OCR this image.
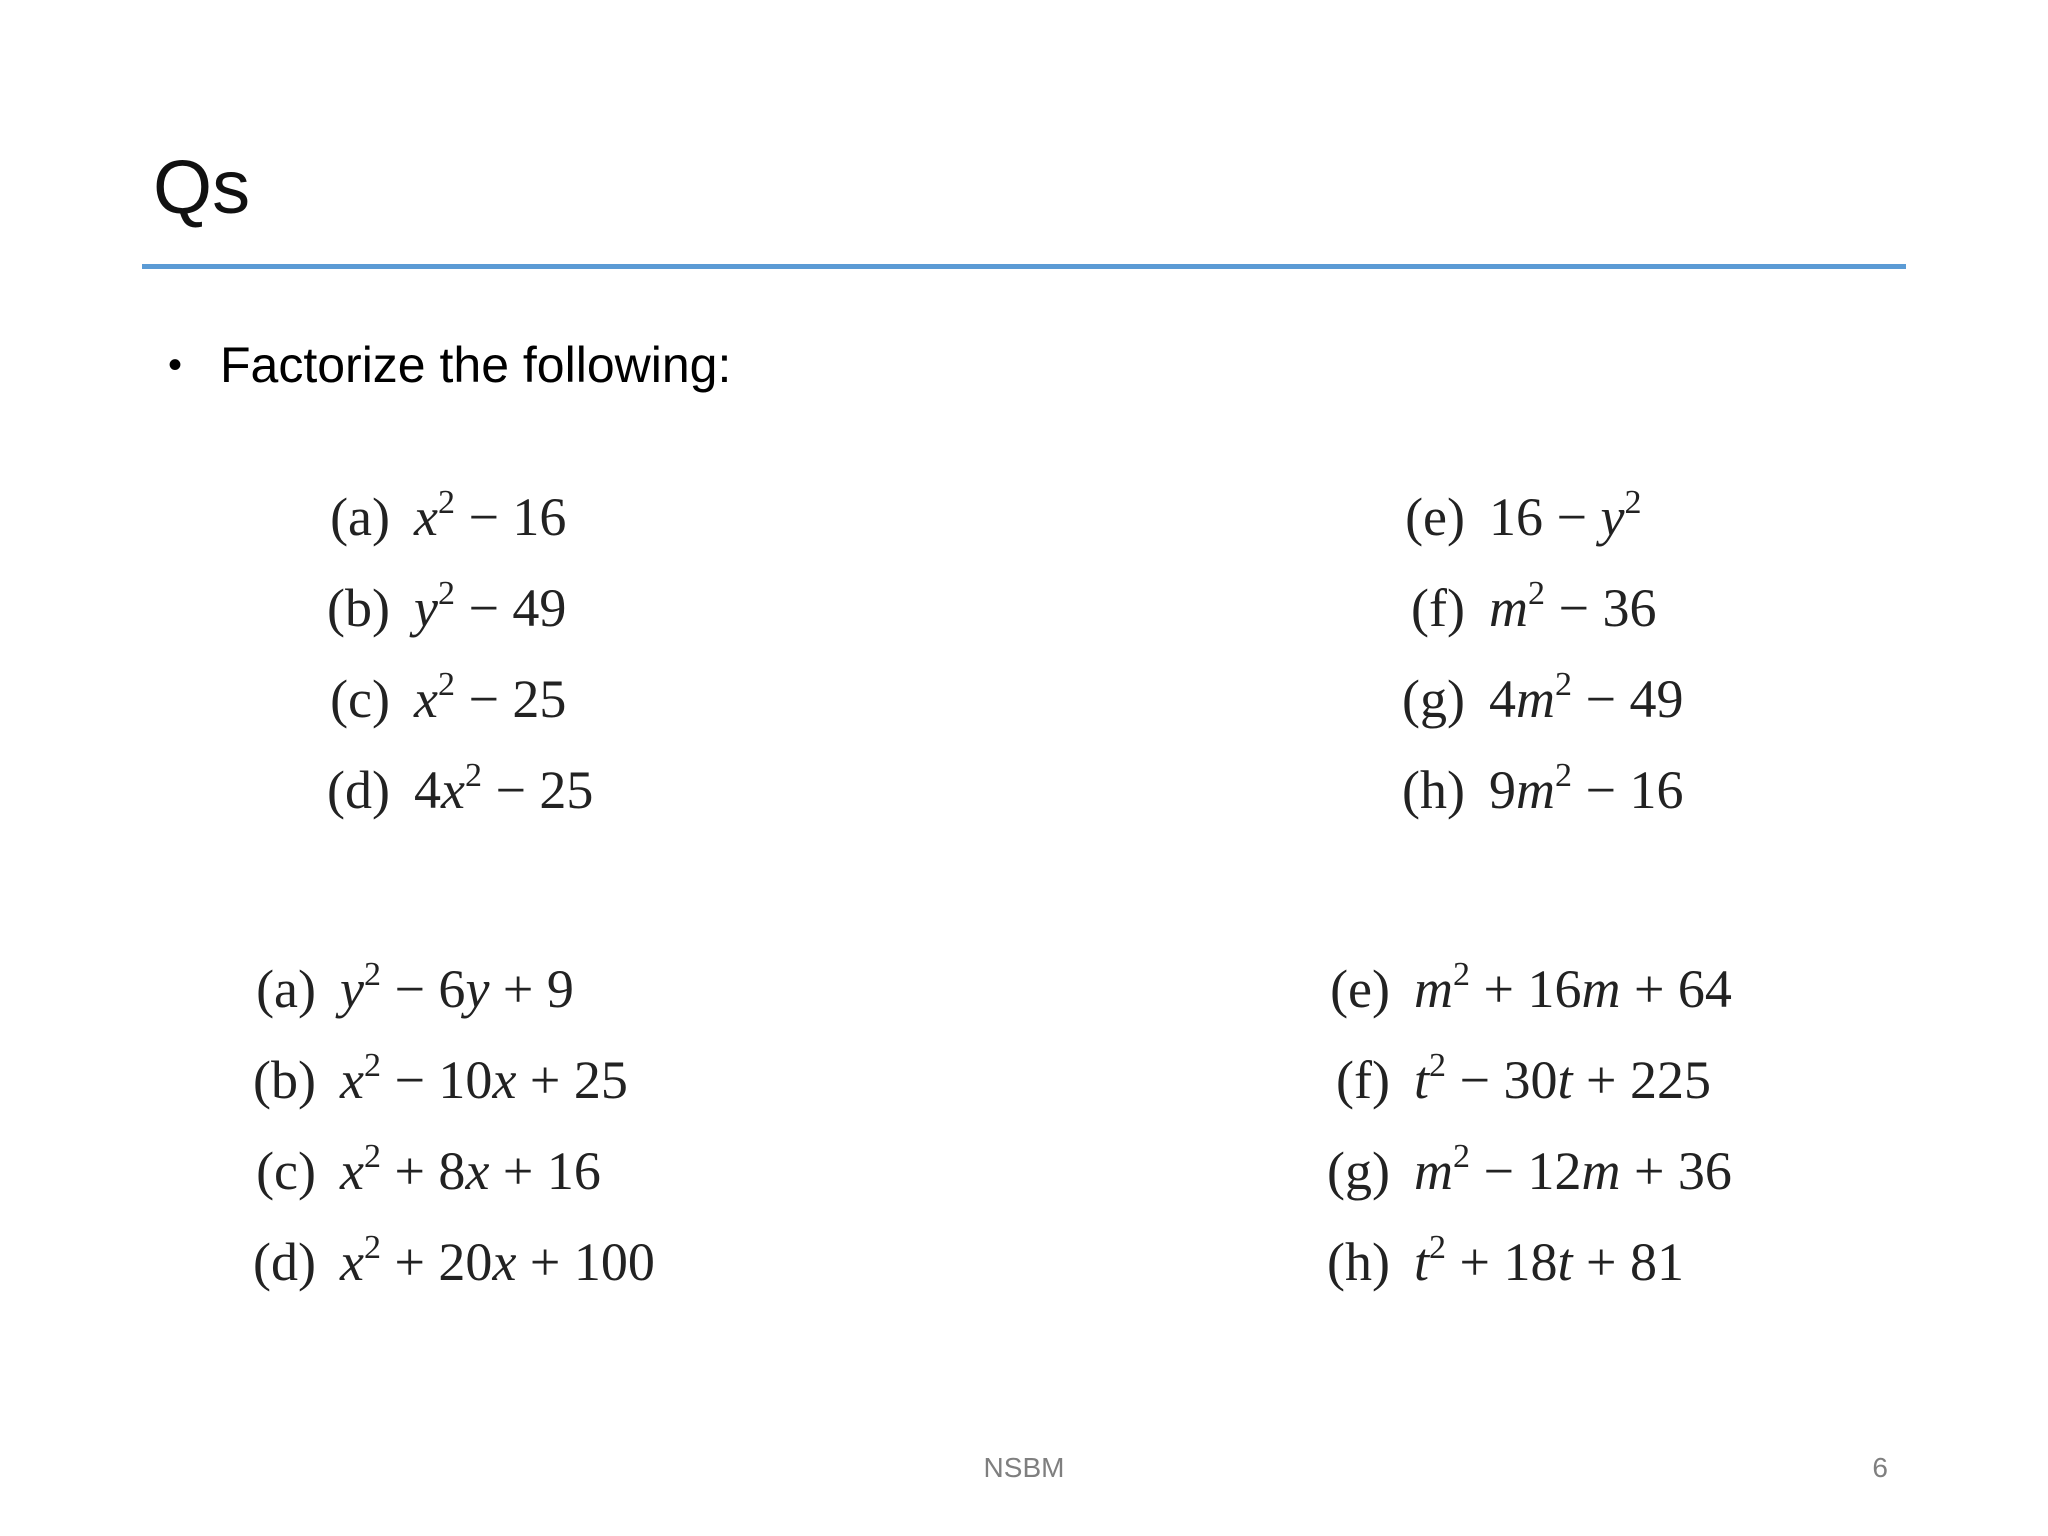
Qs
• Factorize the following:
(a) $x^2 - 16$
(b) $y^2 - 49$
(c) $x^2 - 25$
(d) $4x^2 - 25$
(e) $16 - y^2$
(f) $m^2 - 36$
(g) $4m^2 - 49$
(h) $9m^2 - 16$
(a) $y^2 - 6y + 9$
(b) $x^2 - 10x + 25$
(c) $x^2 + 8x + 16$
(d) $x^2 + 20x + 100$
(e) $m^2 + 16m + 64$
(f) $t^2 - 30t + 225$
(g) $m^2 - 12m + 36$
(h) $t^2 + 18t + 81$
NSBM	6
